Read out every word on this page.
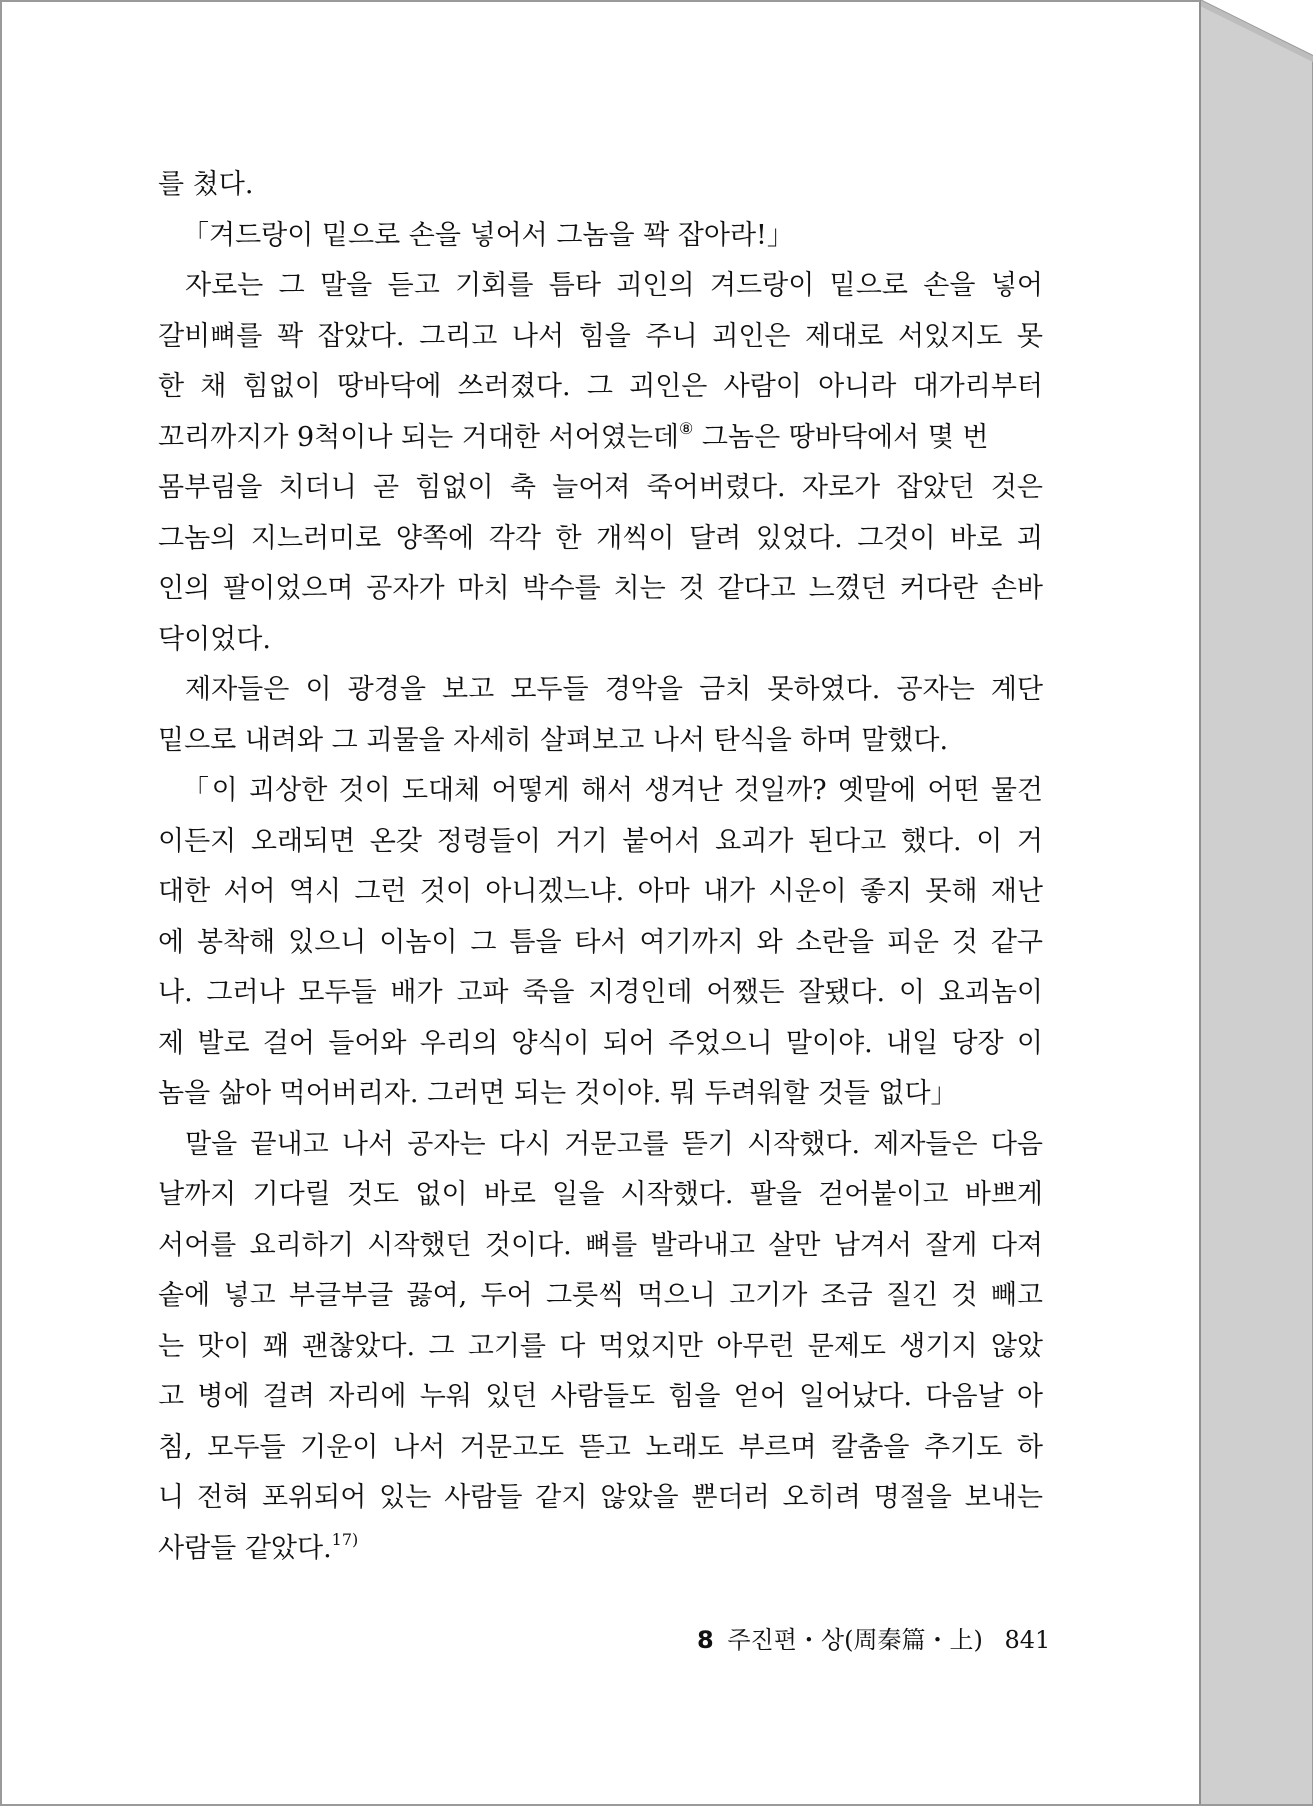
를 쳤다.
「겨드랑이 밑으로 손을 넣어서 그놈을 꽉 잡아라!」
자로는 그 말을 듣고 기회를 틈타 괴인의 겨드랑이 밑으로 손을 넣어
갈비뼈를 꽉 잡았다. 그리고 나서 힘을 주니 괴인은 제대로 서있지도 못
한 채 힘없이 땅바닥에 쓰러졌다. 그 괴인은 사람이 아니라 대가리부터
꼬리까지가 9척이나 되는 거대한 서어였는데⑧ 그놈은 땅바닥에서 몇 번
몸부림을 치더니 곧 힘없이 축 늘어져 죽어버렸다. 자로가 잡았던 것은
그놈의 지느러미로 양쪽에 각각 한 개씩이 달려 있었다. 그것이 바로 괴
인의 팔이었으며 공자가 마치 박수를 치는 것 같다고 느꼈던 커다란 손바
닥이었다.
제자들은 이 광경을 보고 모두들 경악을 금치 못하였다. 공자는 계단
밑으로 내려와 그 괴물을 자세히 살펴보고 나서 탄식을 하며 말했다.
「이 괴상한 것이 도대체 어떻게 해서 생겨난 것일까? 옛말에 어떤 물건
이든지 오래되면 온갖 정령들이 거기 붙어서 요괴가 된다고 했다. 이 거
대한 서어 역시 그런 것이 아니겠느냐. 아마 내가 시운이 좋지 못해 재난
에 봉착해 있으니 이놈이 그 틈을 타서 여기까지 와 소란을 피운 것 같구
나. 그러나 모두들 배가 고파 죽을 지경인데 어쨌든 잘됐다. 이 요괴놈이
제 발로 걸어 들어와 우리의 양식이 되어 주었으니 말이야. 내일 당장 이
놈을 삶아 먹어버리자. 그러면 되는 것이야. 뭐 두려워할 것들 없다」
말을 끝내고 나서 공자는 다시 거문고를 뜯기 시작했다. 제자들은 다음
날까지 기다릴 것도 없이 바로 일을 시작했다. 팔을 걷어붙이고 바쁘게
서어를 요리하기 시작했던 것이다. 뼈를 발라내고 살만 남겨서 잘게 다져
솥에 넣고 부글부글 끓여, 두어 그릇씩 먹으니 고기가 조금 질긴 것 빼고
는 맛이 꽤 괜찮았다. 그 고기를 다 먹었지만 아무런 문제도 생기지 않았
고 병에 걸려 자리에 누워 있던 사람들도 힘을 얻어 일어났다. 다음날 아
침, 모두들 기운이 나서 거문고도 뜯고 노래도 부르며 칼춤을 추기도 하
니 전혀 포위되어 있는 사람들 같지 않았을 뿐더러 오히려 명절을 보내는
사람들 같았다.$^{17)}$
8 주진편・상(周秦篇・上) 841
